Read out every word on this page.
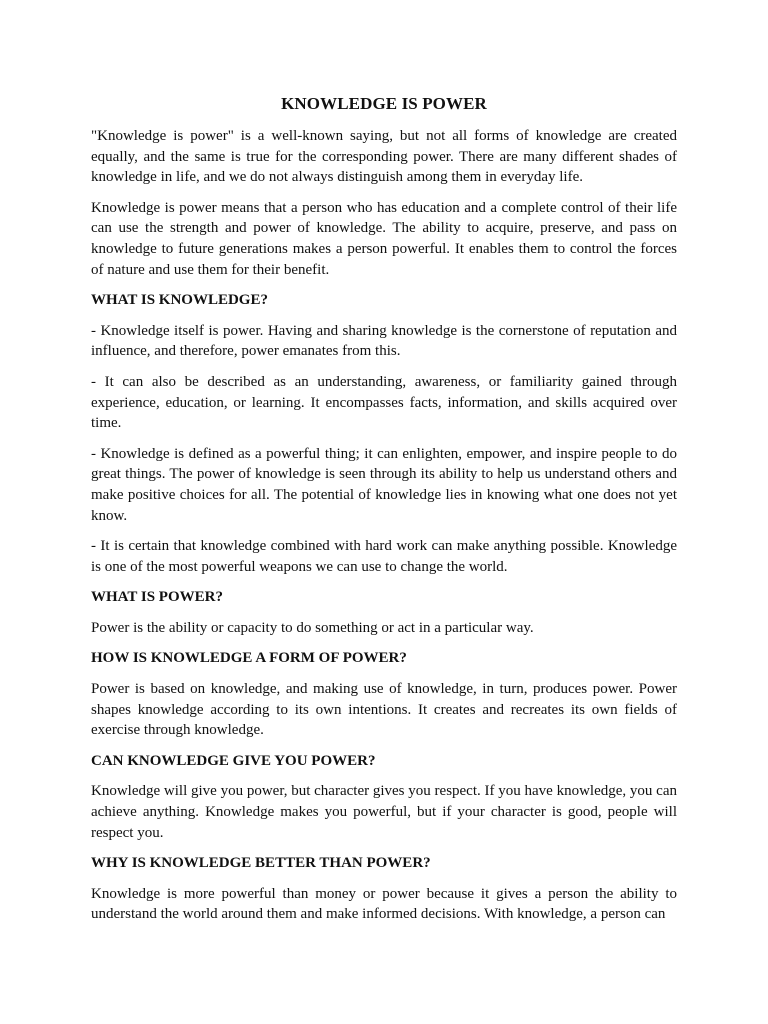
KNOWLEDGE IS POWER

"Knowledge is power" is a well-known saying, but not all forms of knowledge are created equally, and the same is true for the corresponding power. There are many different shades of knowledge in life, and we do not always distinguish among them in everyday life.

Knowledge is power means that a person who has education and a complete control of their life can use the strength and power of knowledge. The ability to acquire, preserve, and pass on knowledge to future generations makes a person powerful. It enables them to control the forces of nature and use them for their benefit.

WHAT IS KNOWLEDGE?

- Knowledge itself is power. Having and sharing knowledge is the cornerstone of reputation and influence, and therefore, power emanates from this.

- It can also be described as an understanding, awareness, or familiarity gained through experience, education, or learning. It encompasses facts, information, and skills acquired over time.

- Knowledge is defined as a powerful thing; it can enlighten, empower, and inspire people to do great things. The power of knowledge is seen through its ability to help us understand others and make positive choices for all. The potential of knowledge lies in knowing what one does not yet know.

- It is certain that knowledge combined with hard work can make anything possible. Knowledge is one of the most powerful weapons we can use to change the world.

WHAT IS POWER?

Power is the ability or capacity to do something or act in a particular way.

HOW IS KNOWLEDGE A FORM OF POWER?

Power is based on knowledge, and making use of knowledge, in turn, produces power. Power shapes knowledge according to its own intentions. It creates and recreates its own fields of exercise through knowledge.

CAN KNOWLEDGE GIVE YOU POWER?

Knowledge will give you power, but character gives you respect. If you have knowledge, you can achieve anything. Knowledge makes you powerful, but if your character is good, people will respect you.

WHY IS KNOWLEDGE BETTER THAN POWER?

Knowledge is more powerful than money or power because it gives a person the ability to understand the world around them and make informed decisions. With knowledge, a person can
